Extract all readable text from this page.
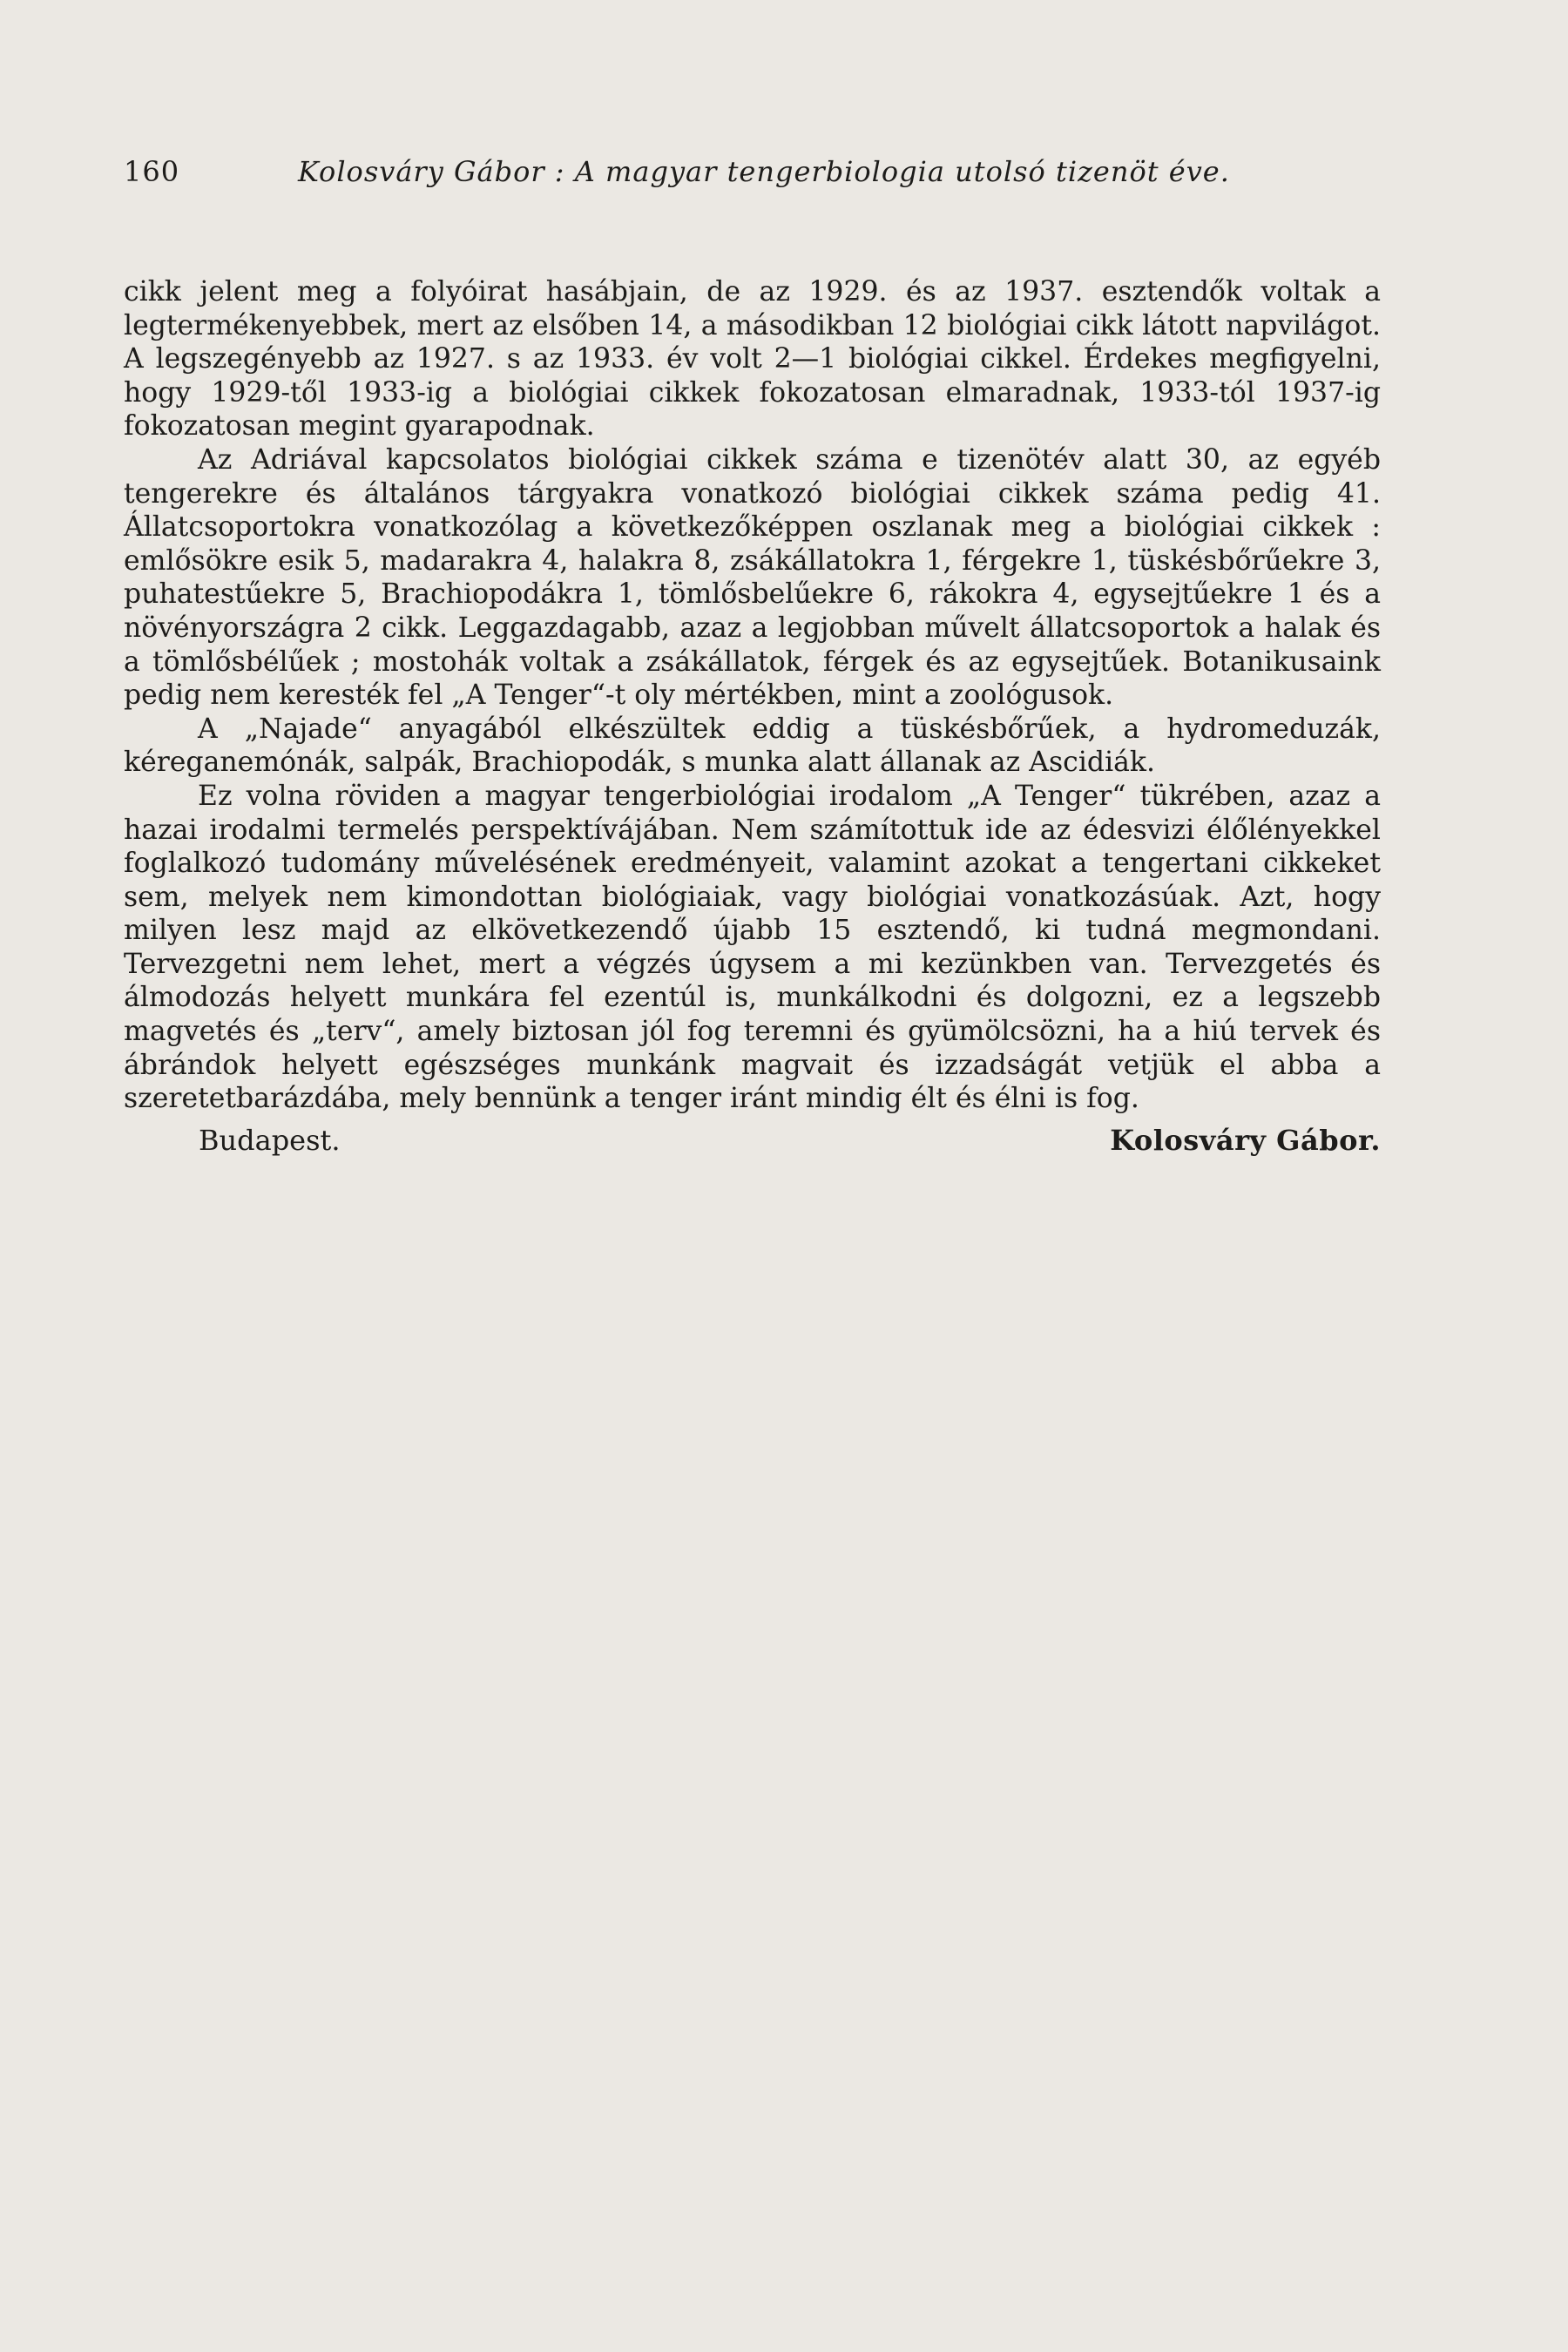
160	Kolosváry Gábor : A magyar tengerbiologia utolsó tizenöt éve.

cikk jelent meg a folyóirat hasábjain, de az 1929. és az 1937. esztendők voltak a legtermékenyebbek, mert az elsőben 14, a másodikban 12 biológiai cikk látott napvilágot. A legszegényebb az 1927. s az 1933. év volt 2—1 biológiai cikkel. Érdekes megfigyelni, hogy 1929-től 1933-ig a biológiai cikkek fokozatosan elmaradnak, 1933-tól 1937-ig fokozatosan megint gyarapodnak.

Az Adriával kapcsolatos biológiai cikkek száma e tizenötév alatt 30, az egyéb tengerekre és általános tárgyakra vonatkozó biológiai cikkek száma pedig 41. Állatcsoportokra vonatkozólag a következőképpen oszlanak meg a biológiai cikkek : emlősökre esik 5, madarakra 4, halakra 8, zsákállatokra 1, férgekre 1, tüskésbőrűekre 3, puhatestűekre 5, Brachiopodákra 1, tömlősbelűekre 6, rákokra 4, egysejtűekre 1 és a növényországra 2 cikk. Leggazdagabb, azaz a legjobban művelt állatcsoportok a halak és a tömlősbélűek ; mostohák voltak a zsákállatok, férgek és az egysejtűek. Botanikusaink pedig nem keresték fel „A Tenger“-t oly mértékben, mint a zoológusok.

A „Najade“ anyagából elkészültek eddig a tüskésbőrűek, a hydromeduzák, kéreganemónák, salpák, Brachiopodák, s munka alatt állanak az Ascidiák.

Ez volna röviden a magyar tengerbiológiai irodalom „A Tenger“ tükrében, azaz a hazai irodalmi termelés perspektívájában. Nem számítottuk ide az édesvizi élőlényekkel foglalkozó tudomány művelésének eredményeit, valamint azokat a tengertani cikkeket sem, melyek nem kimondottan biológiaiak, vagy biológiai vonatkozásúak. Azt, hogy milyen lesz majd az elkövetkezendő újabb 15 esztendő, ki tudná megmondani. Tervezgetni nem lehet, mert a végzés úgysem a mi kezünkben van. Tervezgetés és álmodozás helyett munkára fel ezentúl is, munkálkodni és dolgozni, ez a legszebb magvetés és „terv“, amely biztosan jól fog teremni és gyümölcsözni, ha a hiú tervek és ábrándok helyett egészséges munkánk magvait és izzadságát vetjük el abba a szeretetbarázdába, mely bennünk a tenger iránt mindig élt és élni is fog.

Budapest.	Kolosváry Gábor.
